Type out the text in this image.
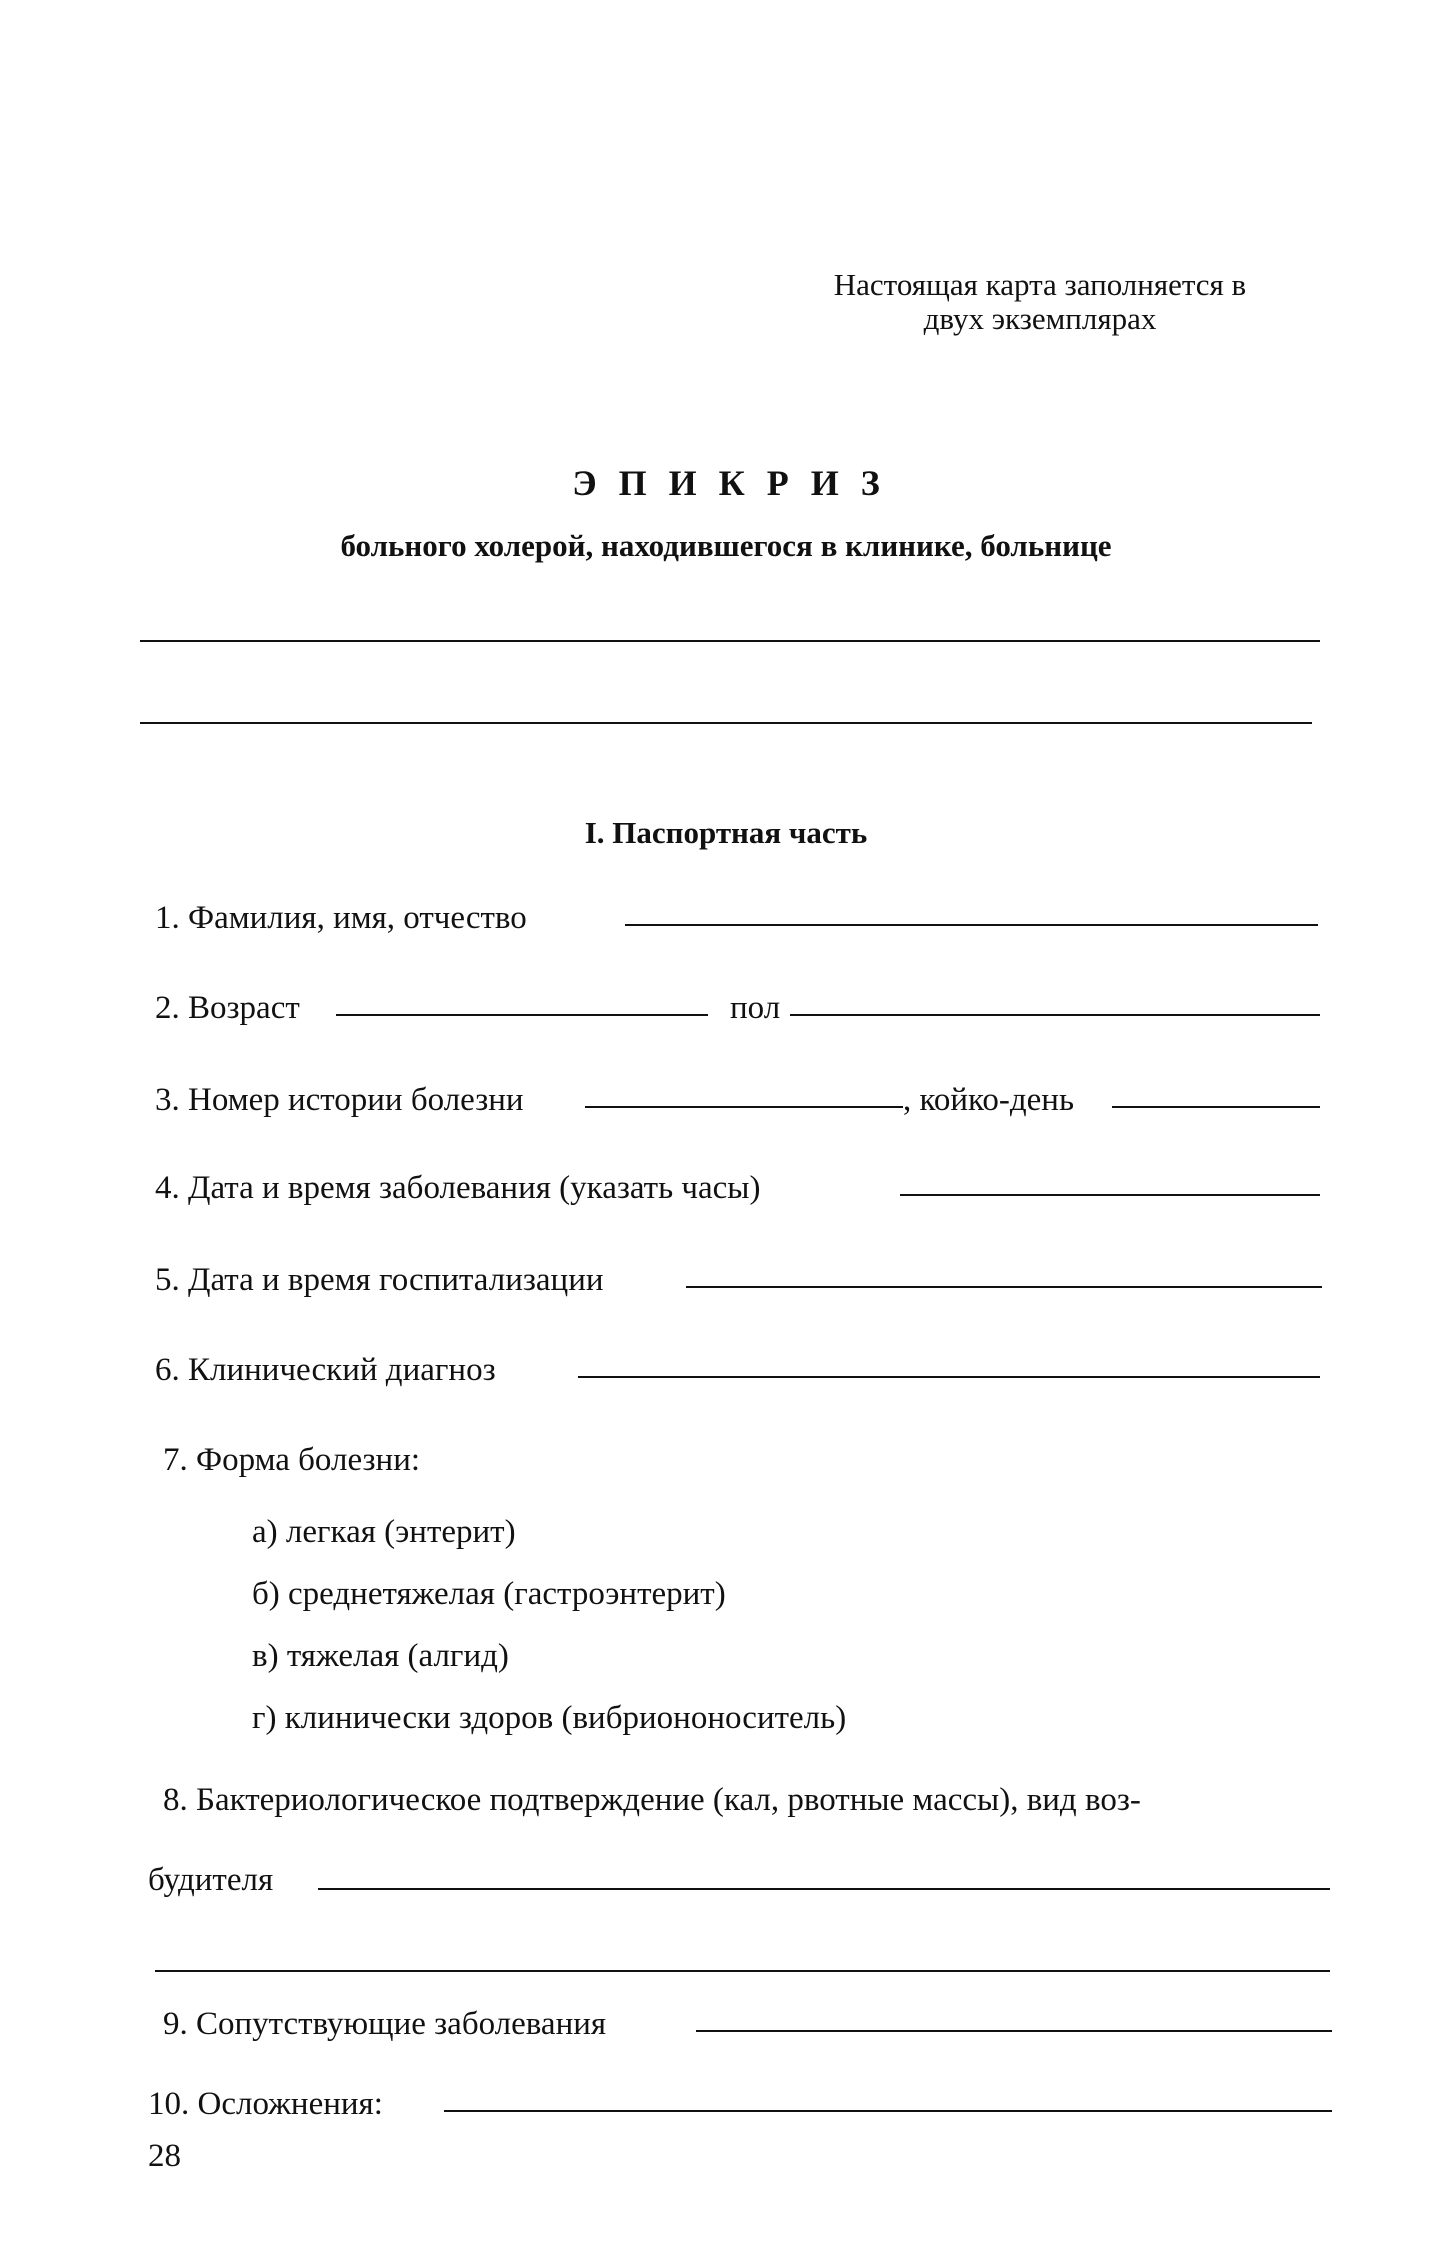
Настоящая карта заполняется в
двух экземплярах
ЭПИКРИЗ
больного холерой, находившегося в клинике, больнице
I. Паспортная часть
1. Фамилия, имя, отчество
2. Возраст	пол
3. Номер истории болезни	, койко-день
4. Дата и время заболевания (указать часы)
5. Дата и время госпитализации
6. Клинический диагноз
7. Форма болезни:
а) легкая (энтерит)
б) среднетяжелая (гастроэнтерит)
в) тяжелая (алгид)
г) клинически здоров (вибриононоситель)
8. Бактериологическое подтверждение (кал, рвотные массы), вид воз-
будителя
9. Сопутствующие заболевания
10. Осложнения:
28
